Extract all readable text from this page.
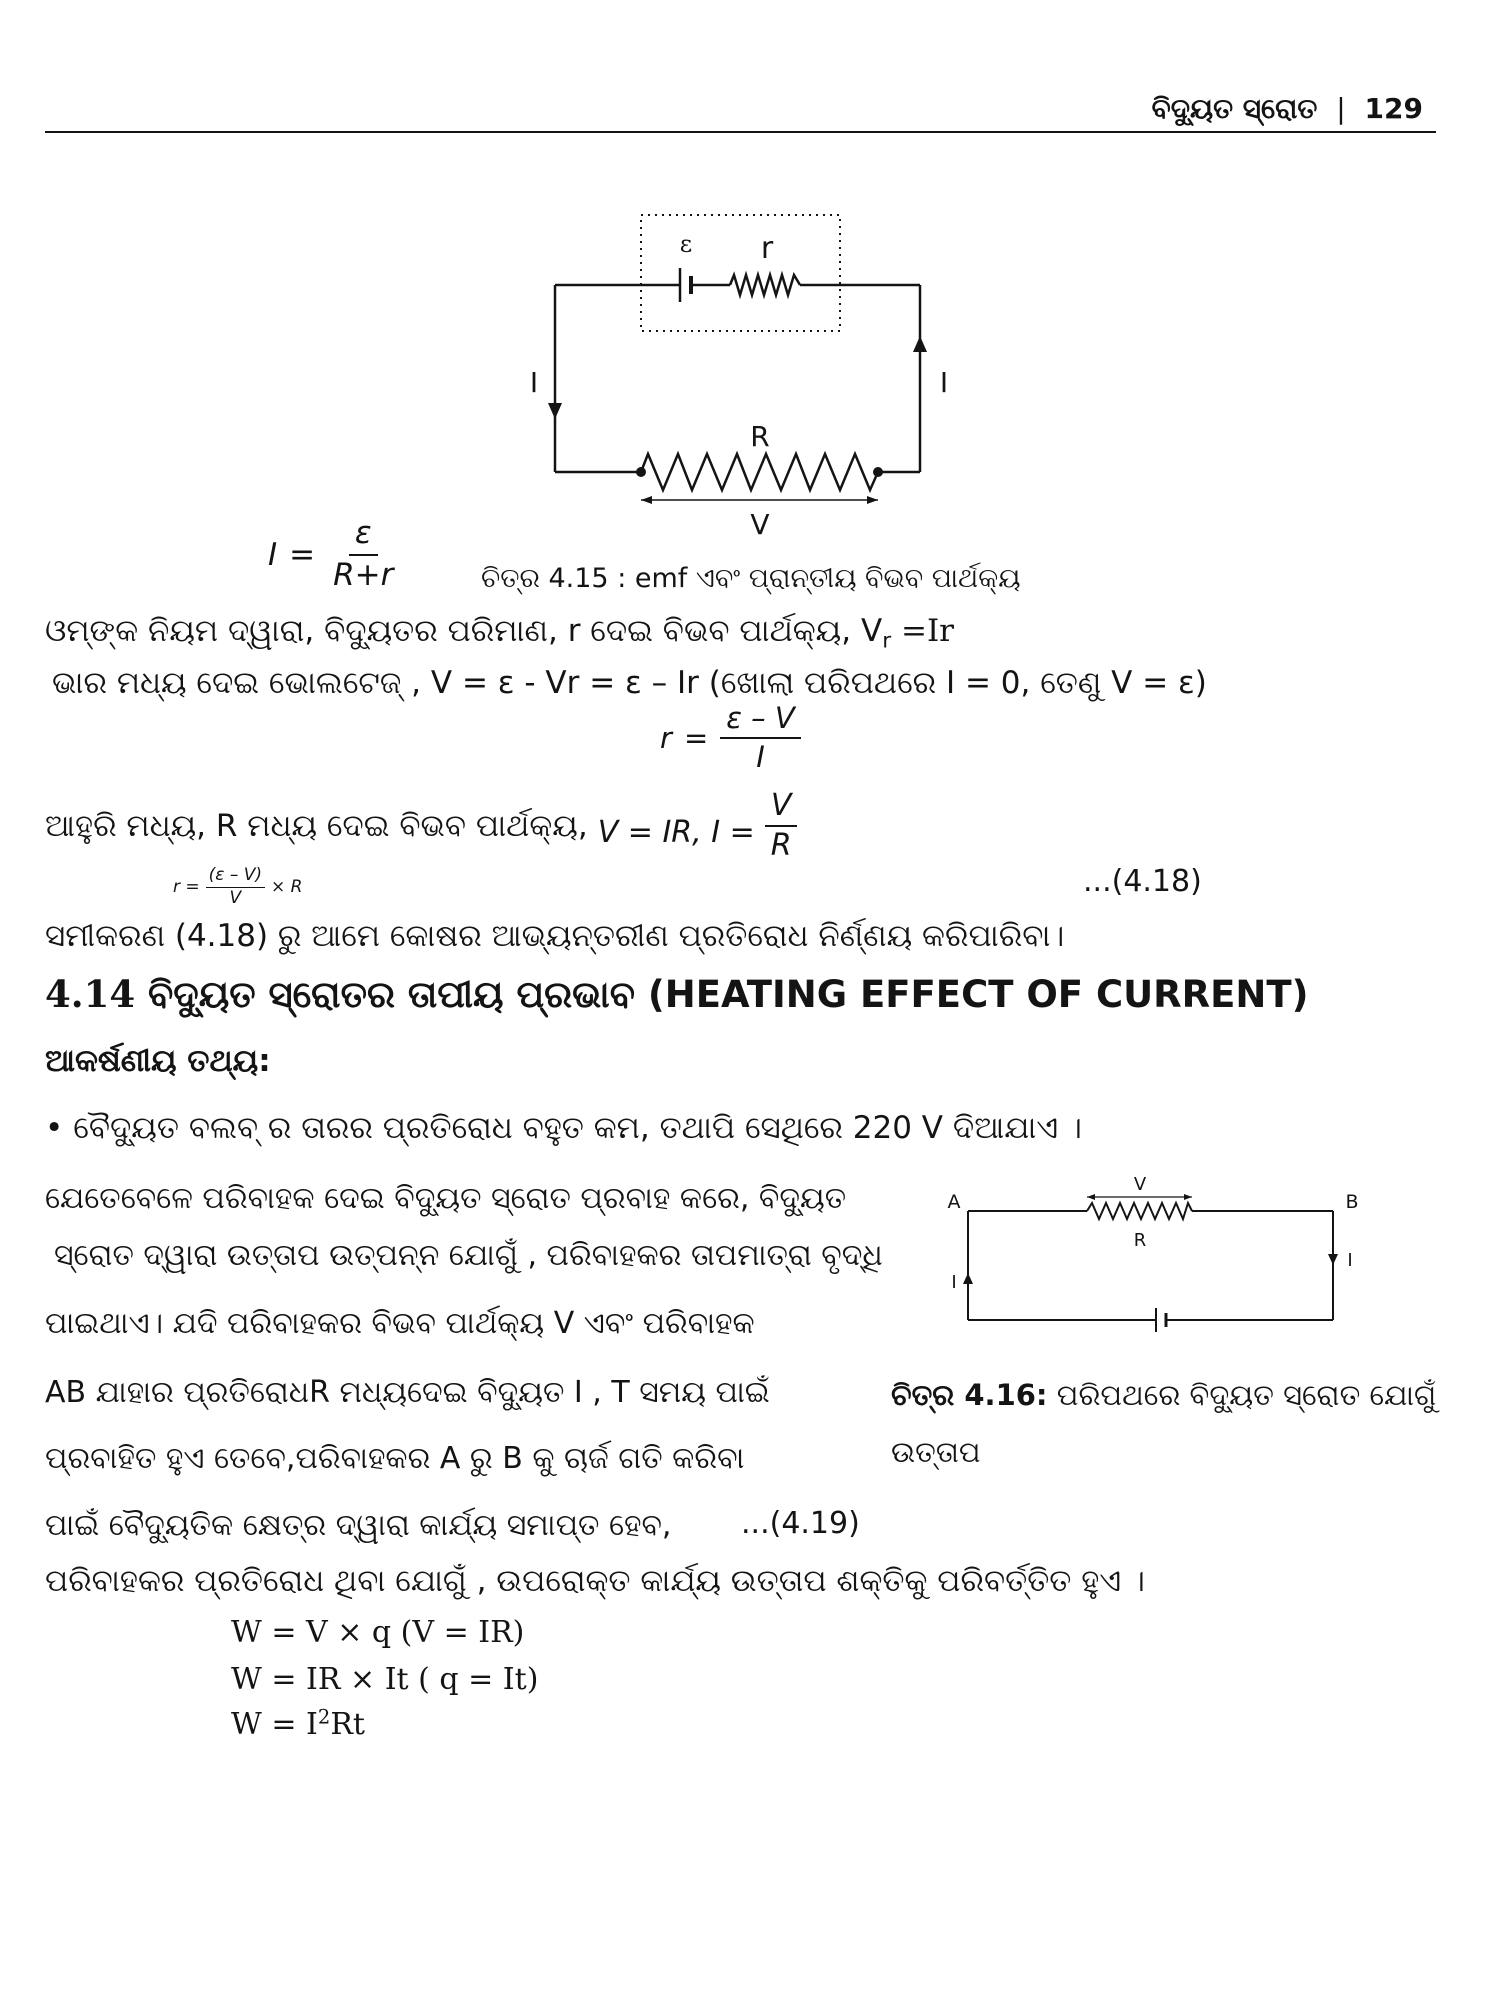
ବିଦ୍ୟୁତ ସ୍ରୋତ | 129
ε r
I	I
R
V
$I = \frac{\varepsilon}{R+r}$	ଚିତ୍ର 4.15 : emf ଏବଂ ପ୍ରାନ୍ତୀୟ ବିଭବ ପାର୍ଥକ୍ୟ
ଓମ୍‌ଙ୍କ ନିୟମ ଦ୍ୱାରା, ବିଦ୍ୟୁତର ପରିମାଣ, r ଦେଇ ବିଭବ ପାର୍ଥକ୍ୟ, $V_r =Ir$
ଭାର ମଧ୍ୟ ଦେଇ ଭୋଲଟେଜ୍ , V = ε - Vr = ε – Ir (ଖୋଲା ପରିପଥରେ I = 0, ତେଣୁ V = ε)
$r = \frac{\varepsilon - V}{I}$
ଆହୁରି ମଧ୍ୟ, R ମଧ୍ୟ ଦେଇ ବିଭବ ପାର୍ଥକ୍ୟ, V = IR, $I = \frac{V}{R}$
$r = \frac{(\varepsilon - V)}{V} \times R$	...(4.18)
ସମୀକରଣ (4.18) ରୁ ଆମେ କୋଷର ଆଭ୍ୟନ୍ତରୀଣ ପ୍ରତିରୋଧ ନିର୍ଣ୍ଣୟ କରିପାରିବା।
4.14 ବିଦ୍ୟୁତ ସ୍ରୋତର ତାପୀୟ ପ୍ରଭାବ (HEATING EFFECT OF CURRENT)
ଆକର୍ଷଣୀୟ ତଥ୍ୟ:
• ବୈଦ୍ୟୁତ ବଲବ୍ ର ତାରର ପ୍ରତିରୋଧ ବହୁତ କମ, ତଥାପି ସେଥିରେ 220 V ଦିଆଯାଏ ।
ଯେତେବେଳେ ପରିବାହକ ଦେଇ ବିଦ୍ୟୁତ ସ୍ରୋତ ପ୍ରବାହ କରେ, ବିଦ୍ୟୁତ
ସ୍ରୋତ ଦ୍ୱାରା ଉତ୍ତାପ ଉତ୍ପନ୍ନ ଯୋଗୁଁ , ପରିବାହକର ତାପମାତ୍ରା ବୃଦ୍ଧି
ପାଇଥାଏ। ଯଦି ପରିବାହକର ବିଭବ ପାର୍ଥକ୍ୟ V ଏବଂ ପରିବାହକ
AB ଯାହାର ପ୍ରତିରୋଧR ମଧ୍ୟଦେଇ ବିଦ୍ୟୁତ I , T ସମୟ ପାଇଁ
ପ୍ରବାହିତ ହୁଏ ତେବେ,ପରିବାହକର A ରୁ B କୁ ଚାର୍ଜ ଗତି କରିବା
ପାଇଁ ବୈଦ୍ୟୁତିକ କ୍ଷେତ୍ର ଦ୍ୱାରା କାର୍ଯ୍ୟ ସମାପ୍ତ ହେବ, ...(4.19)
ପରିବାହକର ପ୍ରତିରୋଧ ଥିବା ଯୋଗୁଁ , ଉପରୋକ୍ତ କାର୍ଯ୍ୟ ଉତ୍ତାପ ଶକ୍ତିକୁ ପରିବର୍ତ୍ତିତ ହୁଏ ।
W = V × q (V = IR)
W = IR × It ( q = It)
$W = I^2Rt$
A	B
V
R
I
I
ଚିତ୍ର 4.16: ପରିପଥରେ ବିଦ୍ୟୁତ ସ୍ରୋତ ଯୋଗୁଁ
ଉତ୍ତାପ
